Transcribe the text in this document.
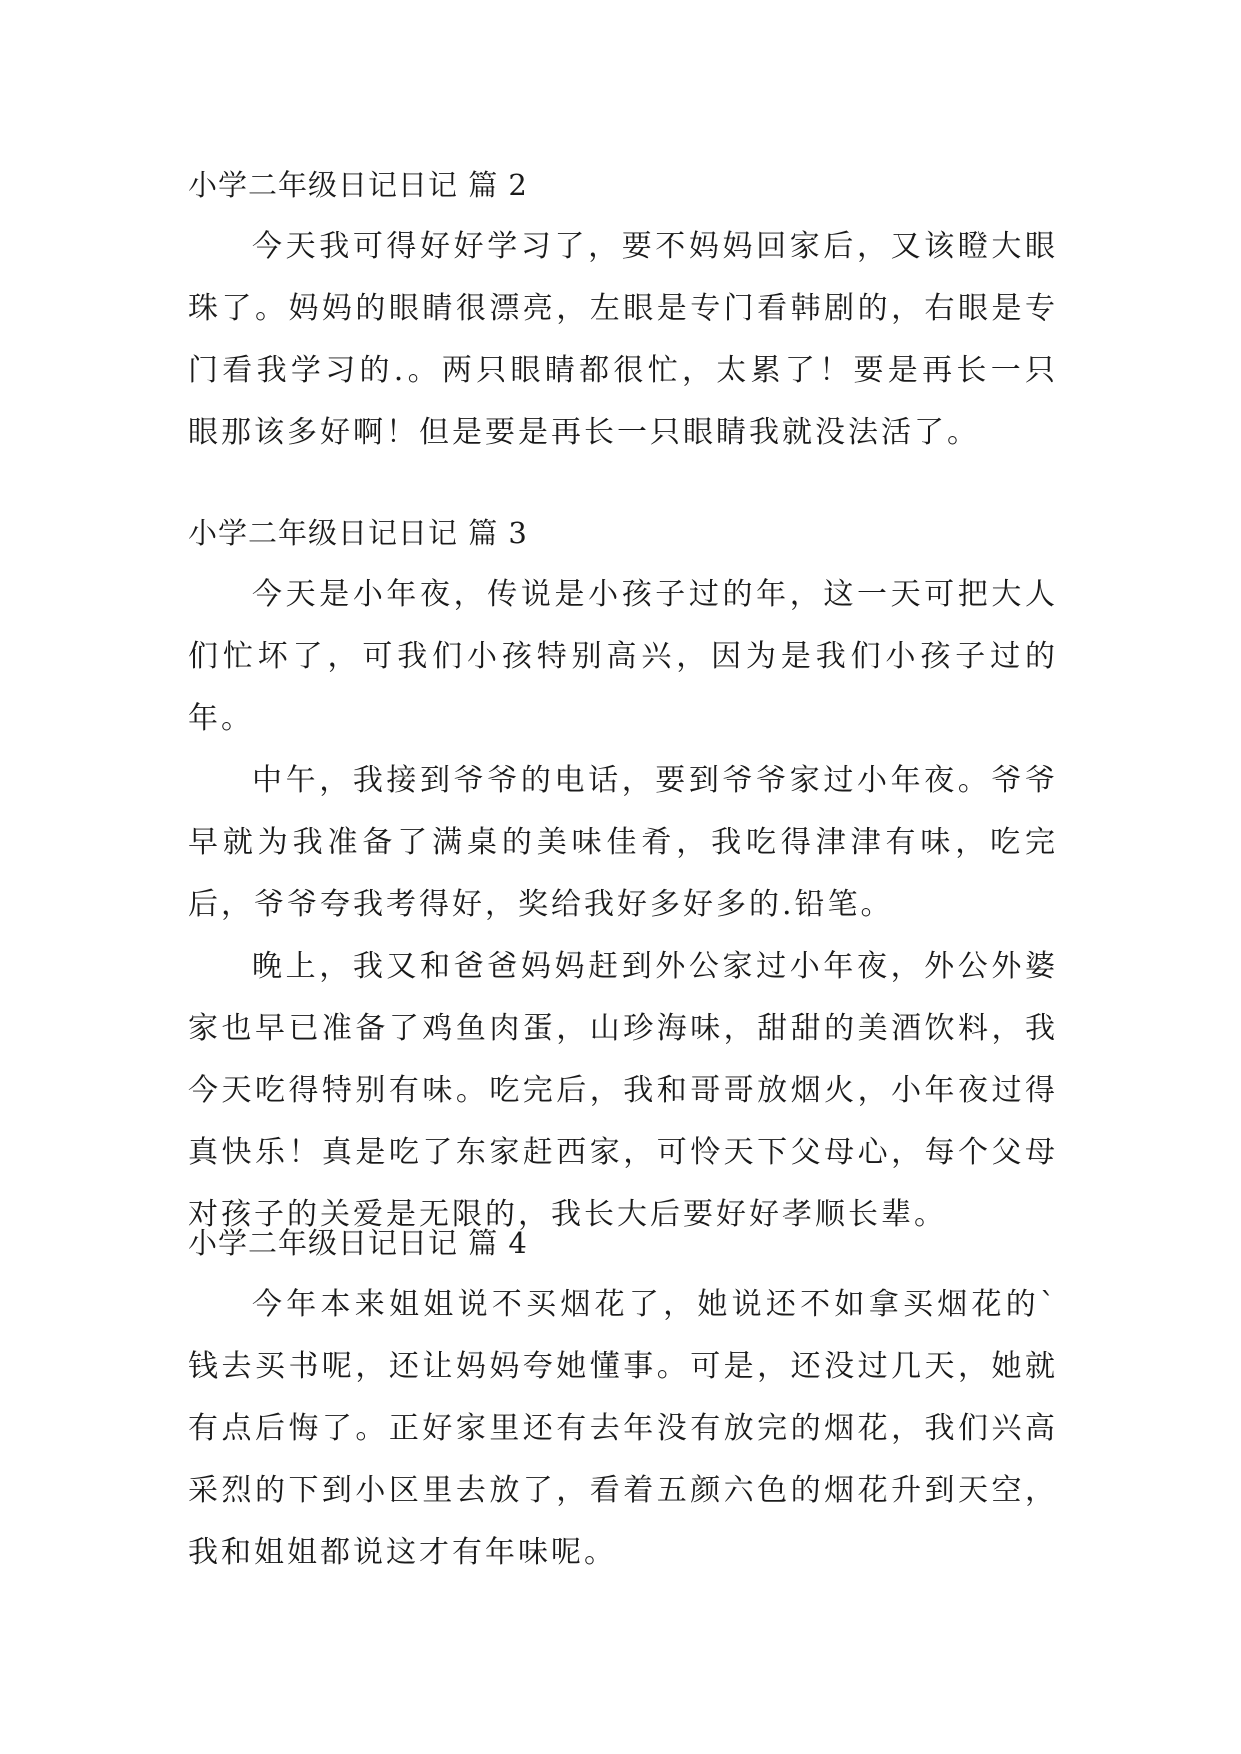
小学二年级日记日记 篇 2

今天我可得好好学习了，要不妈妈回家后，又该瞪大眼珠了。妈妈的眼睛很漂亮，左眼是专门看韩剧的，右眼是专门看我学习的.。两只眼睛都很忙，太累了！要是再长一只眼那该多好啊！但是要是再长一只眼睛我就没法活了。

小学二年级日记日记 篇 3

今天是小年夜，传说是小孩子过的年，这一天可把大人们忙坏了，可我们小孩特别高兴，因为是我们小孩子过的年。

中午，我接到爷爷的电话，要到爷爷家过小年夜。爷爷早就为我准备了满桌的美味佳肴，我吃得津津有味，吃完后，爷爷夸我考得好，奖给我好多好多的.铅笔。

晚上，我又和爸爸妈妈赶到外公家过小年夜，外公外婆家也早已准备了鸡鱼肉蛋，山珍海味，甜甜的美酒饮料，我今天吃得特别有味。吃完后，我和哥哥放烟火，小年夜过得真快乐！真是吃了东家赶西家，可怜天下父母心，每个父母对孩子的关爱是无限的，我长大后要好好孝顺长辈。

小学二年级日记日记 篇 4

今年本来姐姐说不买烟花了，她说还不如拿买烟花的`钱去买书呢，还让妈妈夸她懂事。可是，还没过几天，她就有点后悔了。正好家里还有去年没有放完的烟花，我们兴高采烈的下到小区里去放了，看着五颜六色的烟花升到天空，我和姐姐都说这才有年味呢。
